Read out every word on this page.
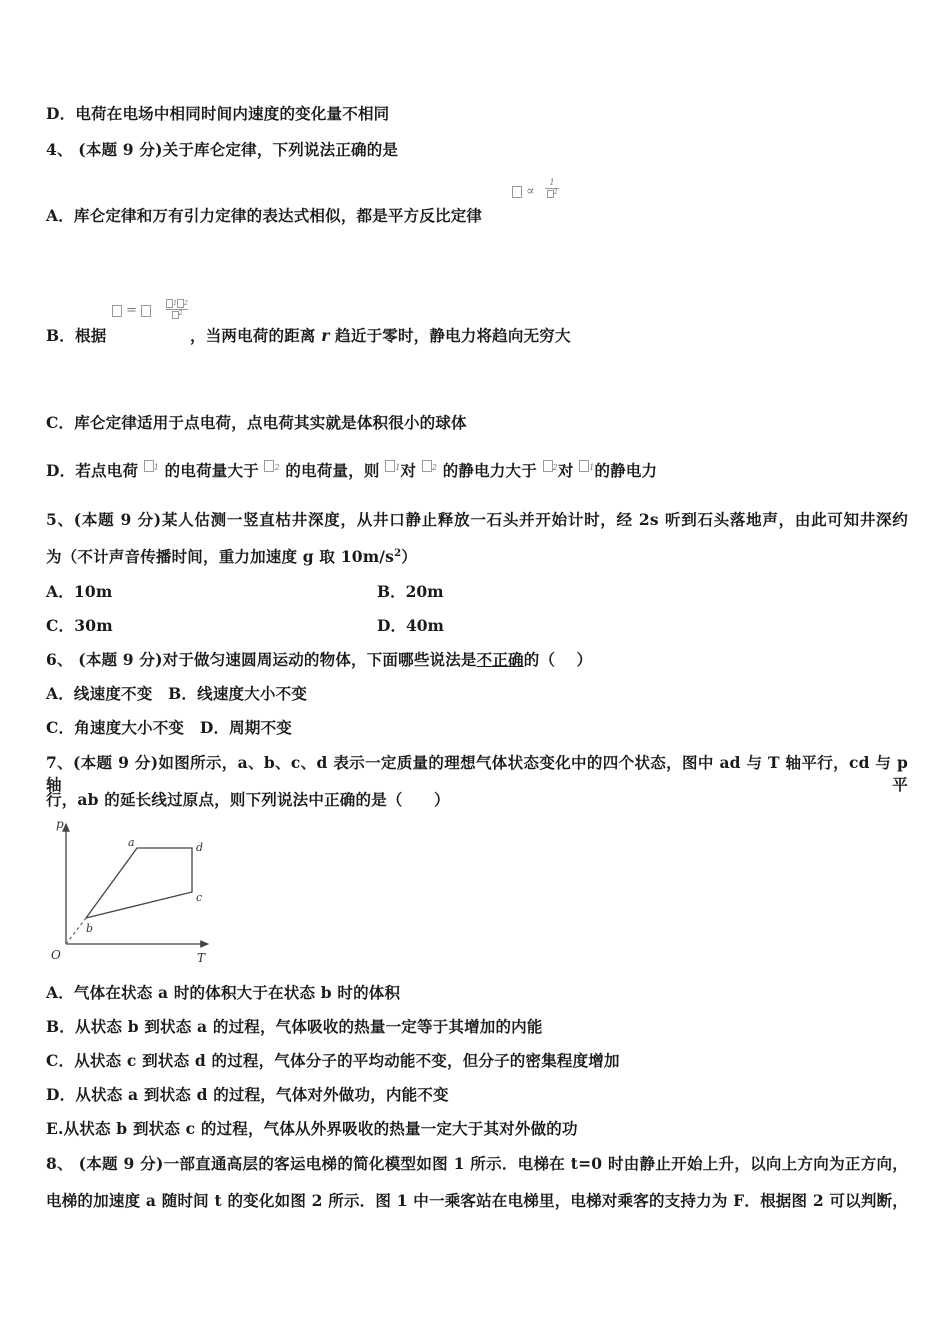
D．电荷在电场中相同时间内速度的变化量不相同
4、 (本题 9 分)关于库仑定律，下列说法正确的是
A．库仑定律和万有引力定律的表达式相似，都是平方反比定律
∝
1
$^2$
B．根据
=	1 2
$^2$
，当两电荷的距离 r 趋近于零时，静电力将趋向无穷大
C．库仑定律适用于点电荷，点电荷其实就是体积很小的球体
D．若点电荷 1 的电荷量大于 2 的电荷量，则 1对 2 的静电力大于 2对 1的静电力
5、(本题 9 分)某人估测一竖直枯井深度，从井口静止释放一石头并开始计时，经 2s 听到石头落地声，由此可知井深约
为（不计声音传播时间，重力加速度 g 取 $10m/s^2$）
A．10m	B．20m
C．30m	D．40m
6、 (本题 9 分)对于做匀速圆周运动的物体，下面哪些说法是不正确的（　 ）
A．线速度不变　B．线速度大小不变
C．角速度大小不变　D．周期不变
7、(本题 9 分)如图所示，a、b、c、d 表示一定质量的理想气体状态变化中的四个状态，图中 ad 与 T 轴平行，cd 与 p 轴平
行，ab 的延长线过原点，则下列说法中正确的是（　　）
p
T
O
a	d
c
b
A．气体在状态 a 时的体积大于在状态 b 时的体积
B．从状态 b 到状态 a 的过程，气体吸收的热量一定等于其增加的内能
C．从状态 c 到状态 d 的过程，气体分子的平均动能不变，但分子的密集程度增加
D．从状态 a 到状态 d 的过程，气体对外做功，内能不变
E.从状态 b 到状态 c 的过程，气体从外界吸收的热量一定大于其对外做的功
8、 (本题 9 分)一部直通高层的客运电梯的简化模型如图 1 所示．电梯在 t=0 时由静止开始上升，以向上方向为正方向，
电梯的加速度 a 随时间 t 的变化如图 2 所示．图 1 中一乘客站在电梯里，电梯对乘客的支持力为 F．根据图 2 可以判断，
